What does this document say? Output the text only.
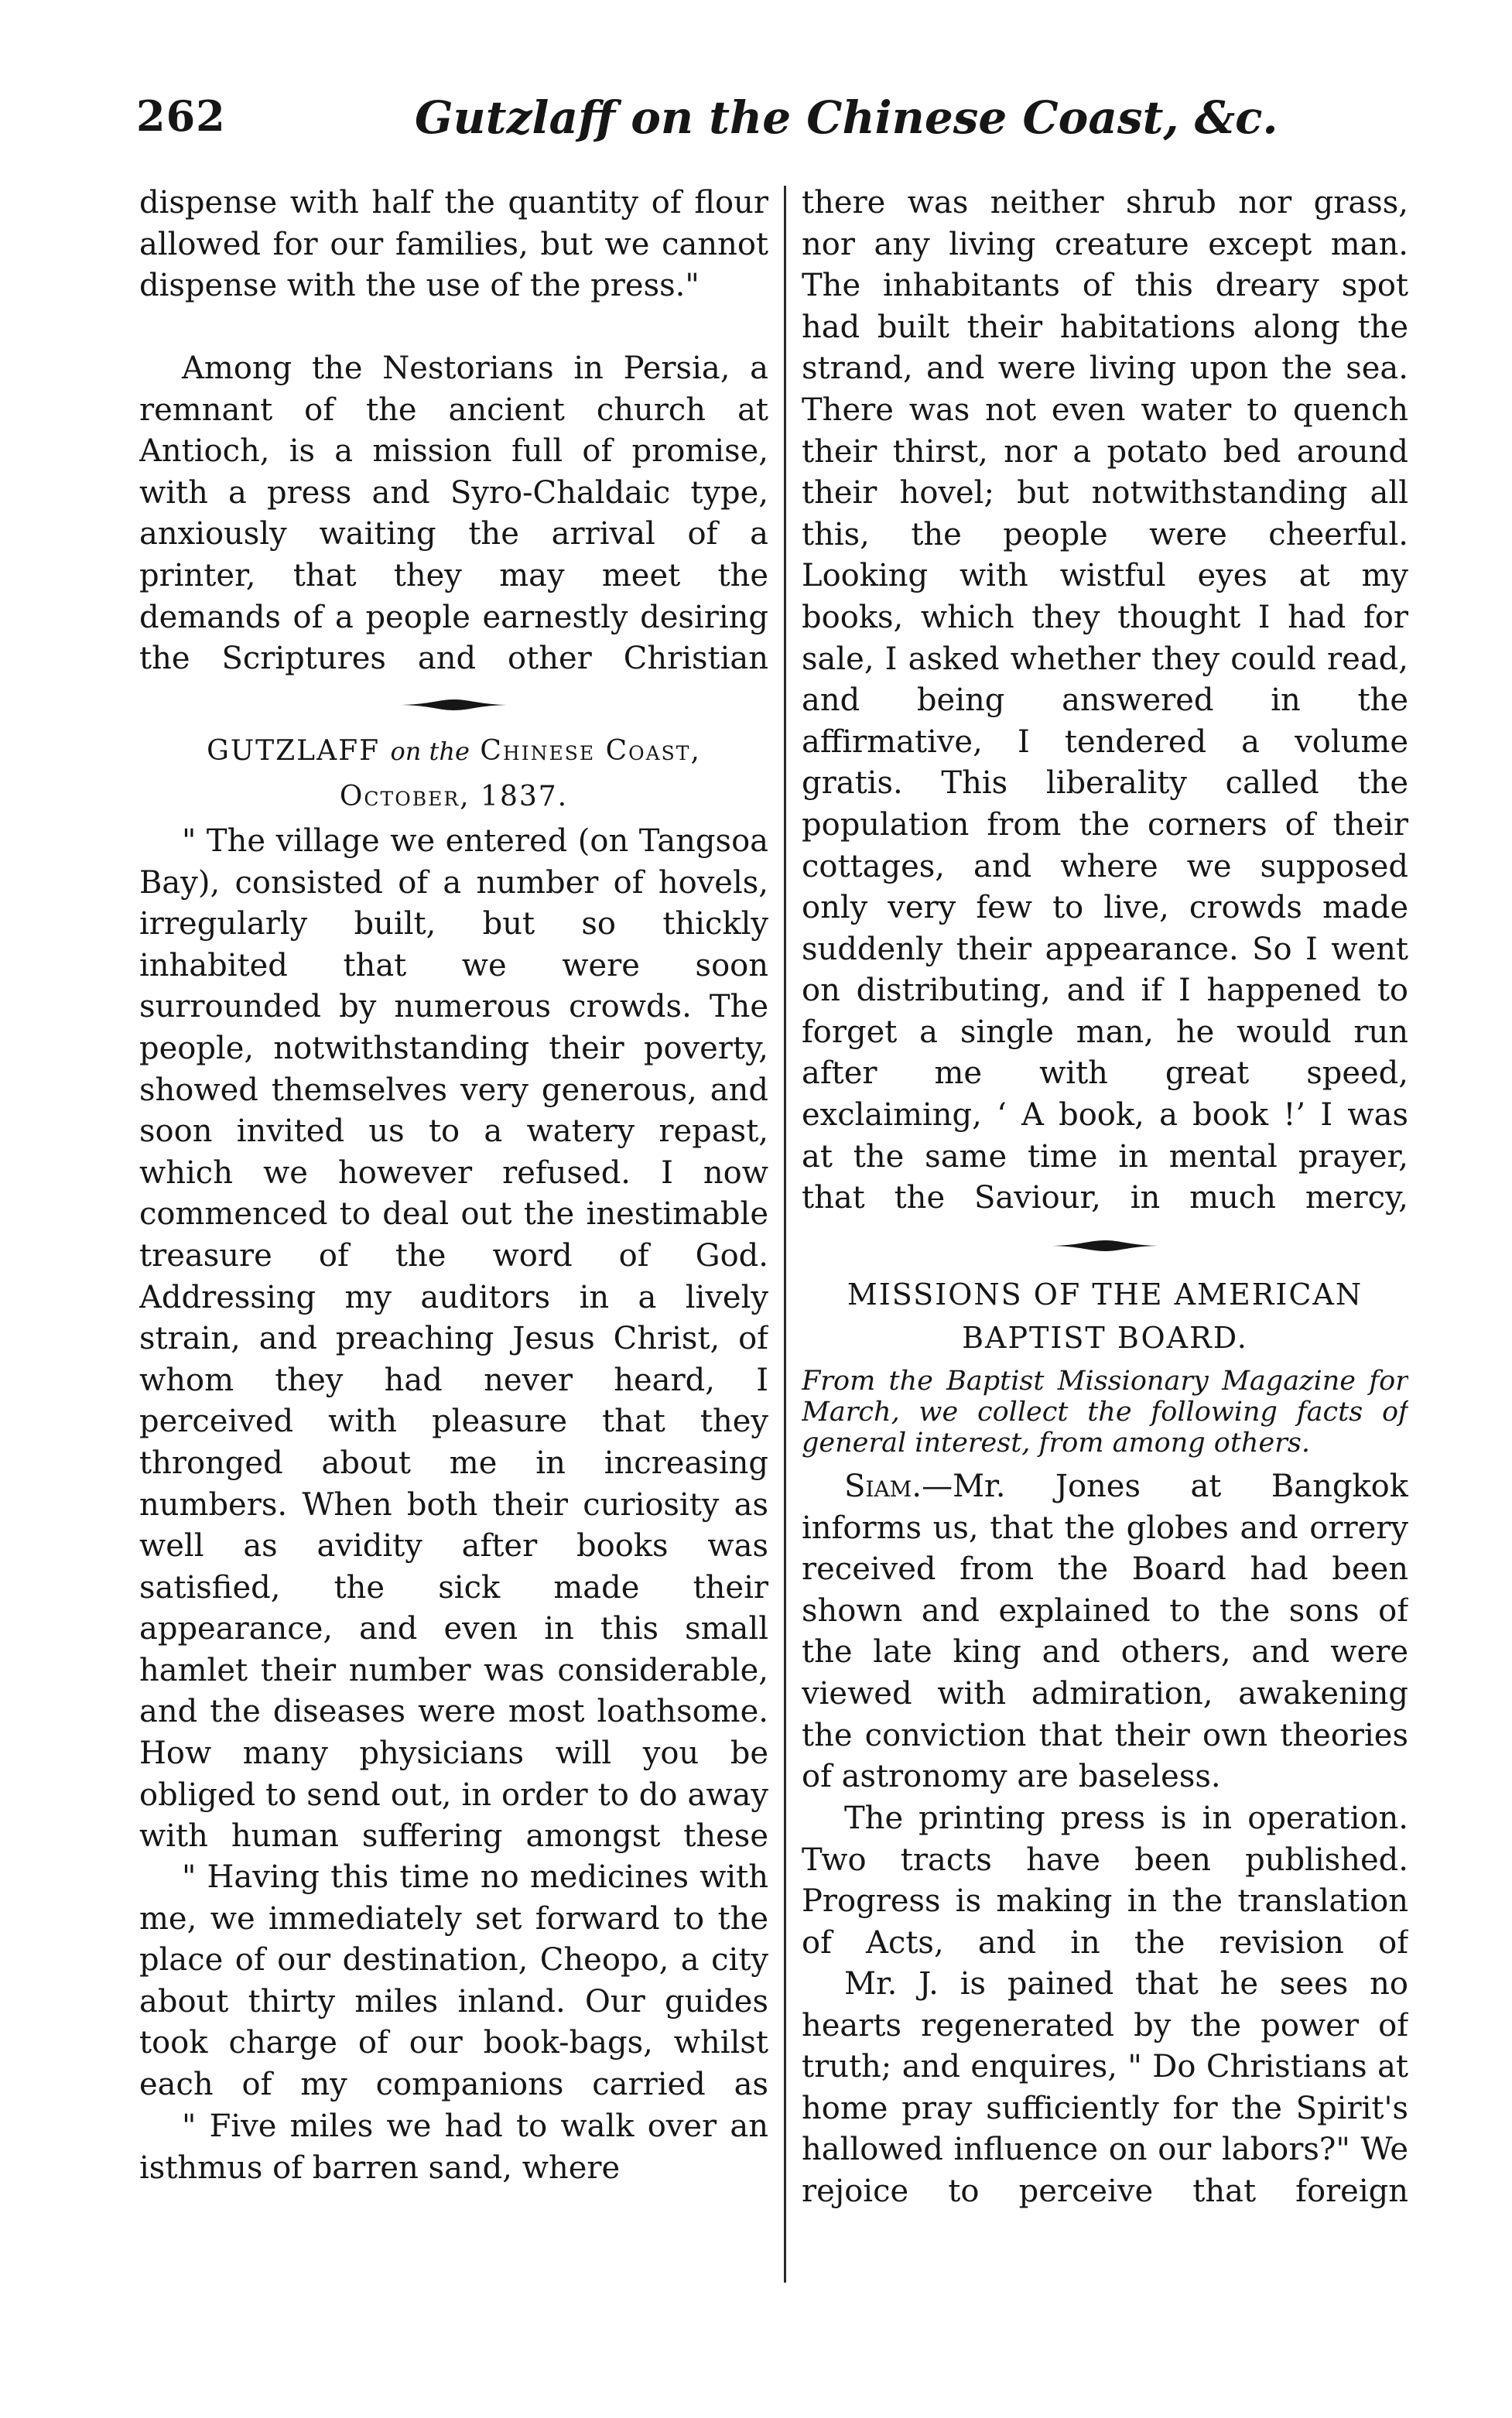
262	Gutzlaff on the Chinese Coast, &c.

dispense with half the quantity of flour allowed for our families, but we cannot dispense with the use of the press."

Among the Nestorians in Persia, a remnant of the ancient church at Antioch, is a mission full of promise, with a press and Syro-Chaldaic type, anxiously waiting the arrival of a printer, that they may meet the demands of a people earnestly desiring the Scriptures and other Christian

GUTZLAFF on the Chinese Coast,

October, 1837.

" The village we entered (on Tangsoa Bay), consisted of a number of hovels, irregularly built, but so thickly inhabited that we were soon surrounded by numerous crowds. The people, notwithstanding their poverty, showed themselves very generous, and soon invited us to a watery repast, which we however refused. I now commenced to deal out the inestimable treasure of the word of God. Addressing my auditors in a lively strain, and preaching Jesus Christ, of whom they had never heard, I perceived with pleasure that they thronged about me in increasing numbers. When both their curiosity as well as avidity after books was satisfied, the sick made their appearance, and even in this small hamlet their number was considerable, and the diseases were most loathsome. How many physicians will you be obliged to send out, in order to do away with human suffering amongst these

" Having this time no medicines with me, we immediately set forward to the place of our destination, Cheopo, a city about thirty miles inland. Our guides took charge of our book-bags, whilst each of my companions carried as

" Five miles we had to walk over an isthmus of barren sand, where

there was neither shrub nor grass, nor any living creature except man. The inhabitants of this dreary spot had built their habitations along the strand, and were living upon the sea. There was not even water to quench their thirst, nor a potato bed around their hovel; but notwithstanding all this, the people were cheerful. Looking with wistful eyes at my books, which they thought I had for sale, I asked whether they could read, and being answered in the affirmative, I tendered a volume gratis. This liberality called the population from the corners of their cottages, and where we supposed only very few to live, crowds made suddenly their appearance. So I went on distributing, and if I happened to forget a single man, he would run after me with great speed, exclaiming, ‘ A book, a book !’ I was at the same time in mental prayer, that the Saviour, in much mercy,

MISSIONS OF THE AMERICAN

BAPTIST BOARD.

From the Baptist Missionary Magazine for March, we collect the following facts of general interest, from among others.

Siam.—Mr. Jones at Bangkok informs us, that the globes and orrery received from the Board had been shown and explained to the sons of the late king and others, and were viewed with admiration, awakening the conviction that their own theories of astronomy are baseless.

The printing press is in operation. Two tracts have been published. Progress is making in the translation of Acts, and in the revision of

Mr. J. is pained that he sees no hearts regenerated by the power of truth; and enquires, " Do Christians at home pray sufficiently for the Spirit's hallowed influence on our labors?" We rejoice to perceive that foreign
